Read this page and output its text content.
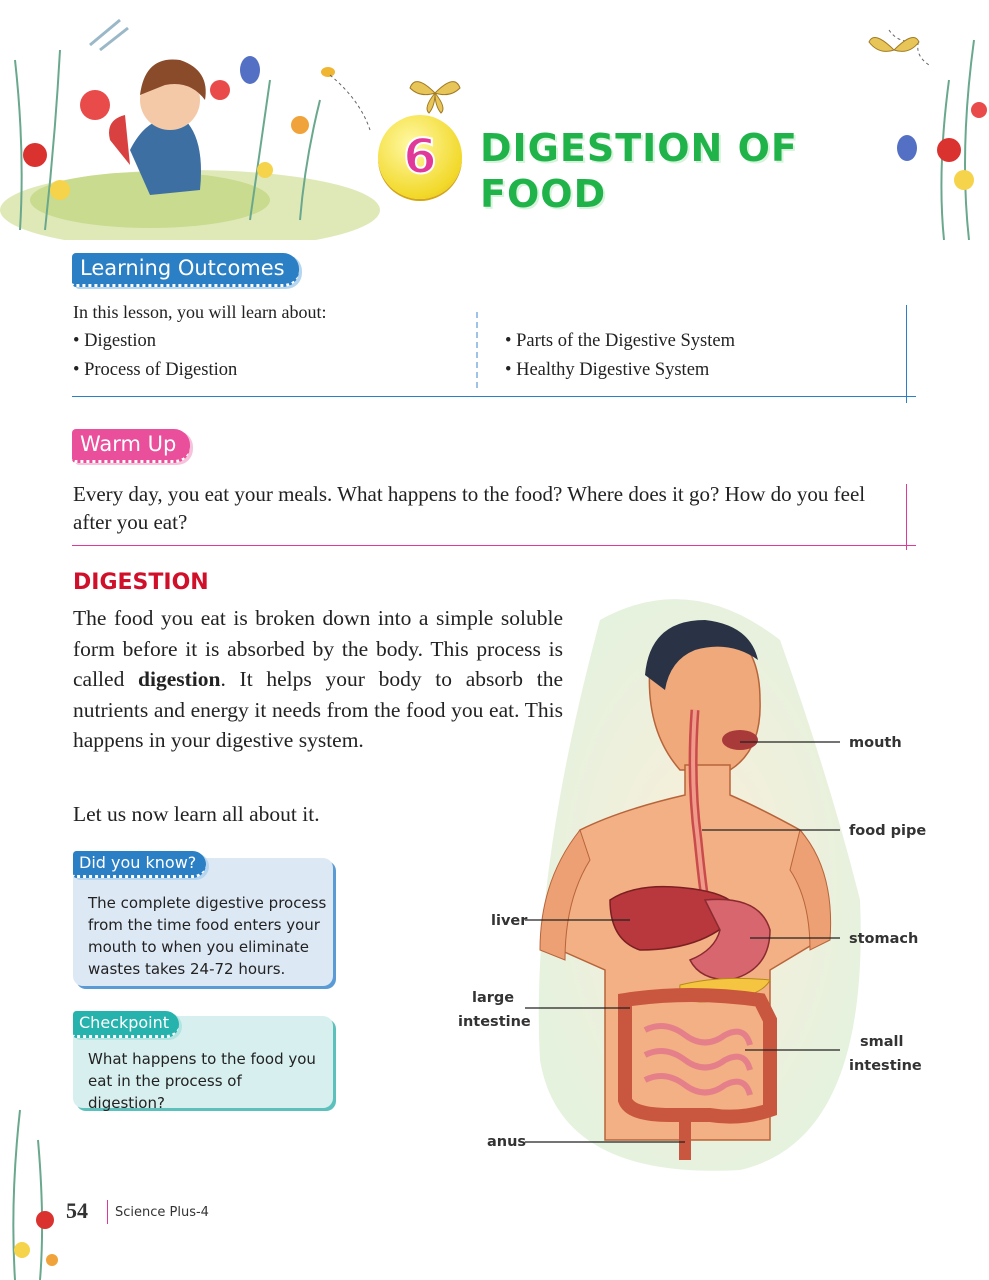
6	DIGESTION OF
FOOD
Learning Outcomes
In this lesson, you will learn about:
• Digestion
• Process of Digestion
• Parts of the Digestive System
• Healthy Digestive System
Warm Up
Every day, you eat your meals. What happens to the food? Where does it go? How do you feel after you eat?
DIGESTION
The food you eat is broken down into a simple soluble form before it is absorbed by the body. This process is called digestion. It helps your body to absorb the nutrients and energy it needs from the food you eat. This happens in your digestive system.
Let us now learn all about it.
Did you know?
The complete digestive process from the time food enters your mouth to when you eliminate wastes takes 24-72 hours.
Checkpoint
What happens to the food you eat in the process of digestion?
mouth
food pipe
stomach
small
intestine
liver
large
intestine
anus
54 Science Plus-4
